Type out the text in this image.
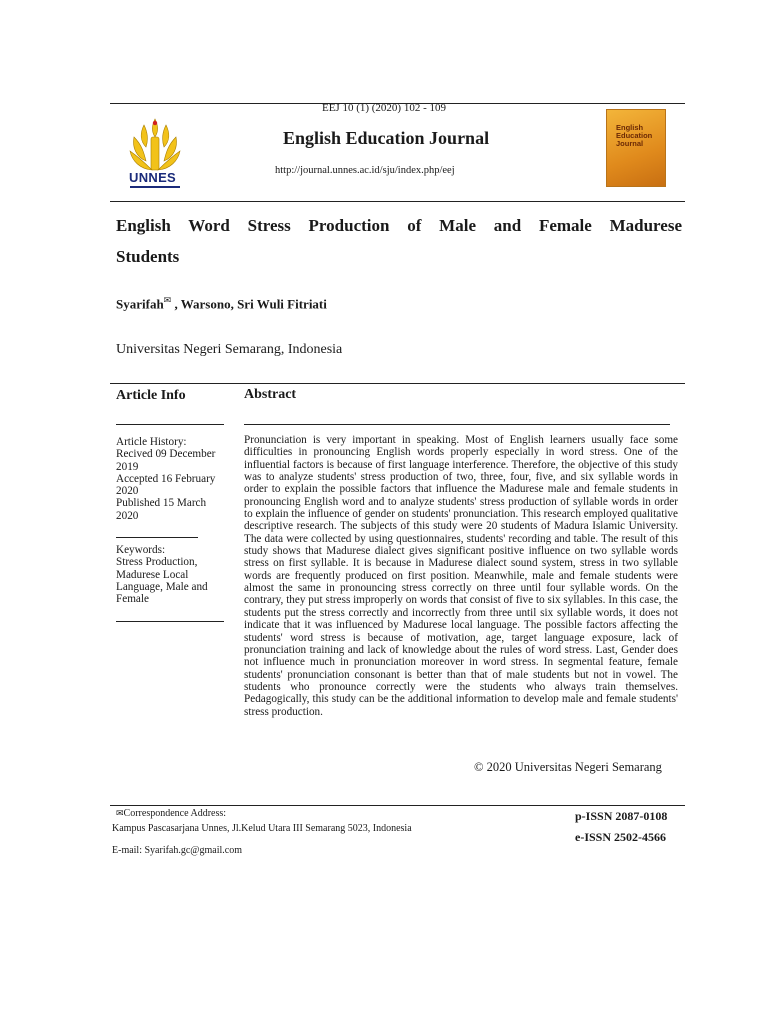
EEJ 10 (1) (2020) 102 - 109
UNNES
English Education Journal
http://journal.unnes.ac.id/sju/index.php/eej
English
Education
Journal
English Word Stress Production of Male and Female Madurese
Students
Syarifah✉ , Warsono, Sri Wuli Fitriati
Universitas Negeri Semarang, Indonesia
Article Info
Article History:
Recived 09 December 2019
Accepted 16 February 2020
Published 15 March 2020
Keywords:
Stress Production, Madurese Local Language, Male and Female
Abstract
Pronunciation is very important in speaking. Most of English learners usually face some difficulties in pronouncing English words properly especially in word stress. One of the influential factors is because of first language interference. Therefore, the objective of this study was to analyze students' stress production of two, three, four, five, and six syllable words in order to explain the possible factors that influence the Madurese male and female students in pronouncing English word and to analyze students' stress production of syllable words in order to explain the influence of gender on students' pronunciation. This research employed qualitative descriptive research. The subjects of this study were 20 students of Madura Islamic University. The data were collected by using questionnaires, students' recording and table. The result of this study shows that Madurese dialect gives significant positive influence on two syllable words stress on first syllable. It is because in Madurese dialect sound system, stress in two syllable words are frequently produced on first position. Meanwhile, male and female students were almost the same in pronouncing stress correctly on three until four syllable words. On the contrary, they put stress improperly on words that consist of five to six syllables. In this case, the students put the stress correctly and incorrectly from three until six syllable words, it does not indicate that it was influenced by Madurese local language. The possible factors affecting the students' word stress is because of motivation, age, target language exposure, lack of pronunciation training and lack of knowledge about the rules of word stress. Last, Gender does not influence much in pronunciation moreover in word stress. In segmental feature, female students' pronunciation consonant is better than that of male students but not in vowel. The students who pronounce correctly were the students who always train themselves. Pedagogically, this study can be the additional information to develop male and female students' stress production.
© 2020 Universitas Negeri Semarang
✉Correspondence Address:
Kampus Pascasarjana Unnes, Jl.Kelud Utara III Semarang 5023, Indonesia
E-mail: Syarifah.gc@gmail.com
p-ISSN 2087-0108
e-ISSN 2502-4566
